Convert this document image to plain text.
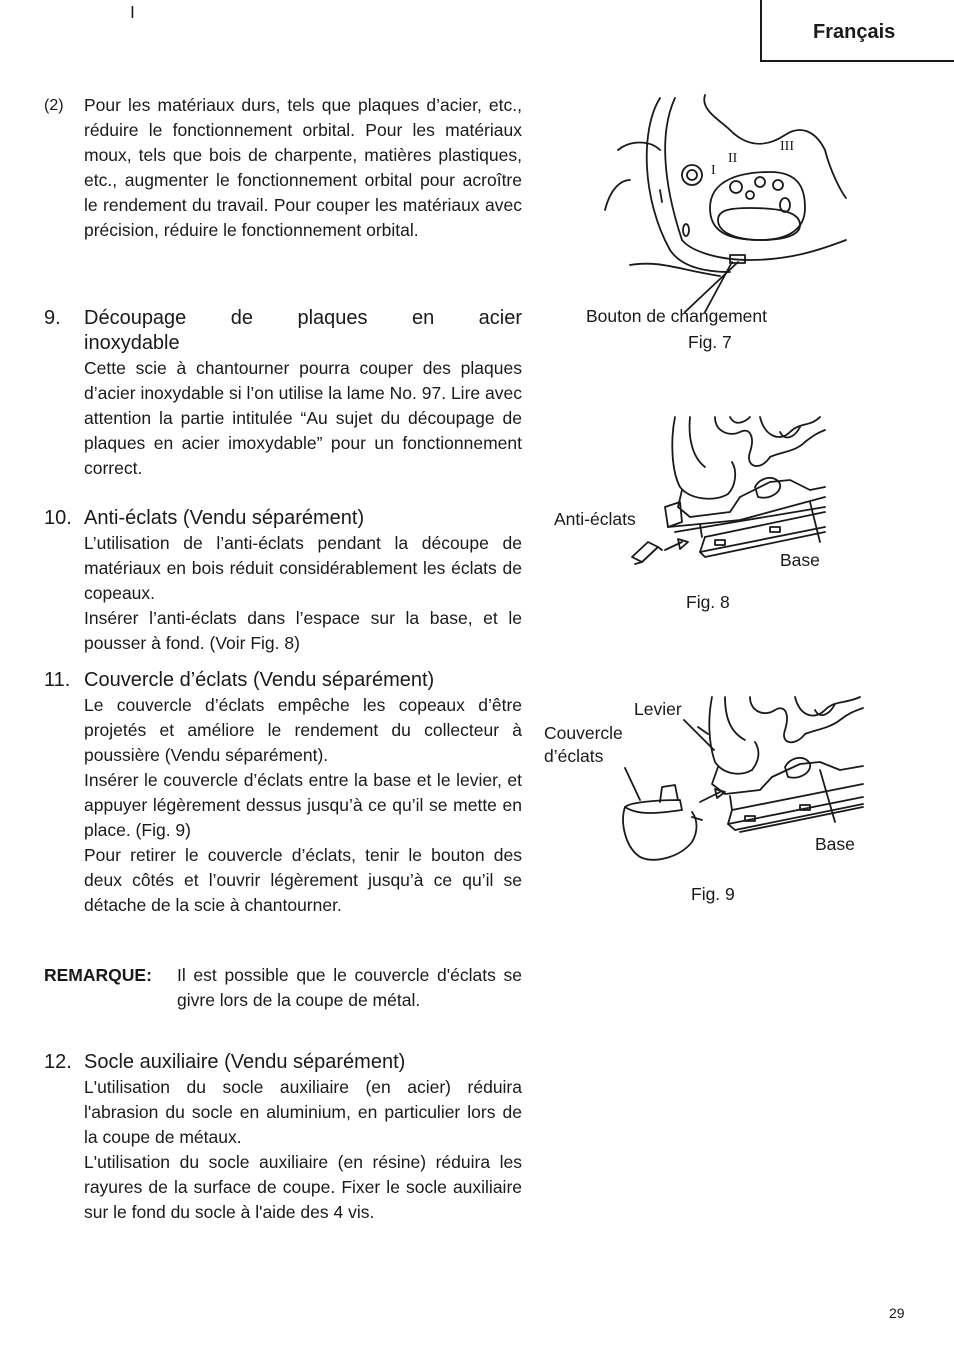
Français
(2) Pour les matériaux durs, tels que plaques d’acier, etc., réduire le fonctionnement orbital. Pour les matériaux moux, tels que bois de charpente, matières plastiques, etc., augmenter le fonctionnement orbital pour acroître le rendement du travail. Pour couper les matériaux avec précision, réduire le fonctionnement orbital.
9. Découpage de plaques en acier inoxydable
Cette scie à chantourner pourra couper des plaques d’acier inoxydable si l’on utilise la lame No. 97. Lire avec attention la partie intitulée “Au sujet du découpage de plaques en acier imoxydable” pour un fonctionnement correct.
10. Anti-éclats (Vendu séparément)
L’utilisation de l’anti-éclats pendant la découpe de matériaux en bois réduit considérablement les éclats de copeaux.
Insérer l’anti-éclats dans l’espace sur la base, et le pousser à fond. (Voir Fig. 8)
11. Couvercle d’éclats (Vendu séparément)
Le couvercle d’éclats empêche les copeaux d’être projetés et améliore le rendement du collecteur à poussière (Vendu séparément).
Insérer le couvercle d’éclats entre la base et le levier, et appuyer légèrement dessus jusqu’à ce qu’il se mette en place. (Fig. 9)
Pour retirer le couvercle d’éclats, tenir le bouton des deux côtés et l’ouvrir légèrement jusqu’à ce qu’il se détache de la scie à chantourner.
REMARQUE: Il est possible que le couvercle d'éclats se givre lors de la coupe de métal.
12. Socle auxiliaire (Vendu séparément)
L'utilisation du socle auxiliaire (en acier) réduira l'abrasion du socle en aluminium, en particulier lors de la coupe de métaux.
L'utilisation du socle auxiliaire (en résine) réduira les rayures de la surface de coupe. Fixer le socle auxiliaire sur le fond du socle à l'aide des 4 vis.
I
I
II
III
Bouton de changement
Fig. 7
Anti-éclats
Base
Fig. 8
Levier
Couvercle d’éclats
Base
Fig. 9
29
